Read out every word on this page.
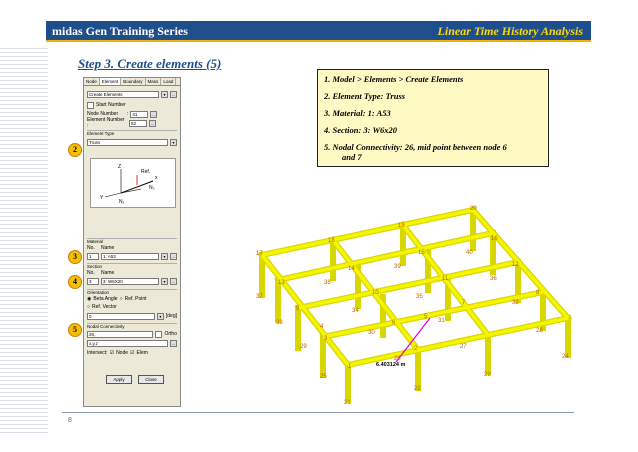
midas Gen Training Series	Linear Time History Analysis
Step 3. Create elements (5)
Node	Element	Boundary	Mass	Load
Create Elements	▾	…
Start Number
Node Number	: 41	…
Element Number :	52	…
Element Type
Truss	▾
Y
Z
Ref.
x
N₂
N₁
Material
No.	Name
1	1: A53	▾	…
Section
No.	Name
3	3: W6X20	▾	…
Orientation
◉ Beta Angle ○ Ref. Point
○ Ref. Vector
0	▾ [deg]
Nodal Connectivity
26,	Ortho
x,y,z	…
Intersect: ☑ Node ☑ Elem
Apply	Close
2
3
4
5
1. Model > Elements > Create Elements
2. Element Type: Truss
3. Material: 1: A53
4. Section: 3: W6x20
5. Nodal Connectivity: 26, mid point between node 6
and 7
17
18
19
20
16
12
8
15
14
13
3
9
10
11
1
2
6
7
5
4
21
22
23
24
26
29
33
37
27
28
30
31
34
35
38
39
40
36
25
32
6.403124 m
8
